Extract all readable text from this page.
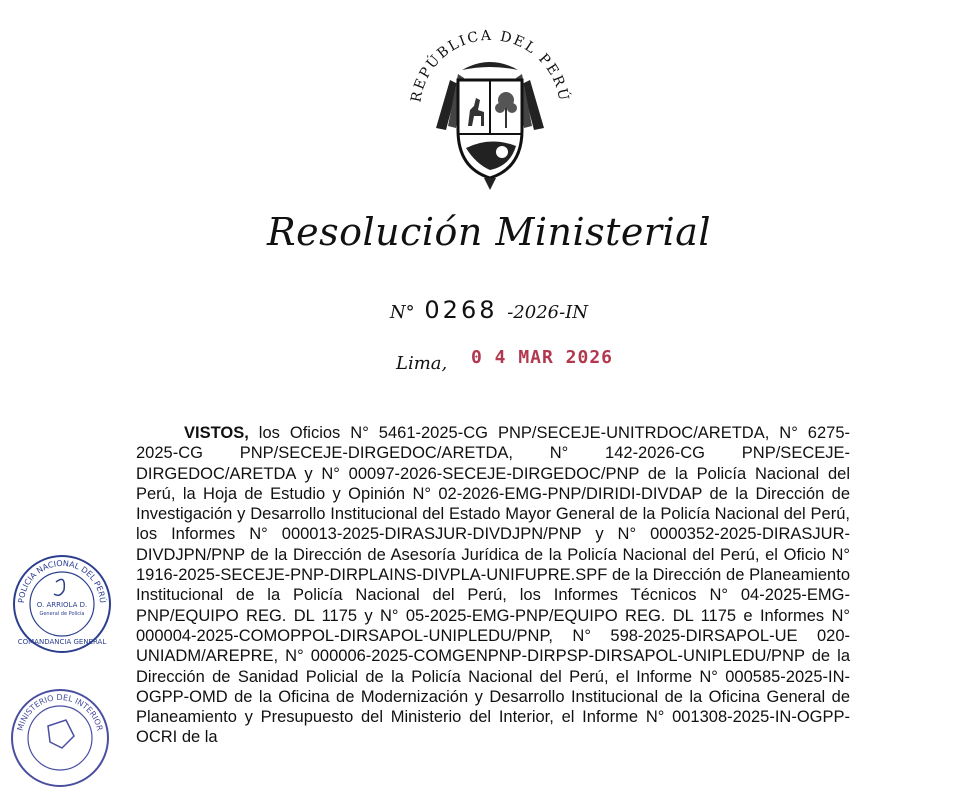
REPÚBLICA DEL PERÚ
Resolución Ministerial
N° 0268 -2026-IN
Lima, 0 4 MAR 2026

VISTOS, los Oficios N° 5461-2025-CG PNP/SECEJE-UNITRDOC/ARETDA, N° 6275-2025-CG PNP/SECEJE-DIRGEDOC/ARETDA, N° 142-2026-CG PNP/SECEJE-DIRGEDOC/ARETDA y N° 00097-2026-SECEJE-DIRGEDOC/PNP de la Policía Nacional del Perú, la Hoja de Estudio y Opinión N° 02-2026-EMG-PNP/DIRIDI-DIVDAP de la Dirección de Investigación y Desarrollo Institucional del Estado Mayor General de la Policía Nacional del Perú, los Informes N° 000013-2025-DIRASJUR-DIVDJPN/PNP y N° 0000352-2025-DIRASJUR-DIVDJPN/PNP de la Dirección de Asesoría Jurídica de la Policía Nacional del Perú, el Oficio N° 1916-2025-SECEJE-PNP-DIRPLAINS-DIVPLA-UNIFUPRE.SPF de la Dirección de Planeamiento Institucional de la Policía Nacional del Perú, los Informes Técnicos N° 04-2025-EMG-PNP/EQUIPO REG. DL 1175 y N° 05-2025-EMG-PNP/EQUIPO REG. DL 1175 e Informes N° 000004-2025-COMOPPOL-DIRSAPOL-UNIPLEDU/PNP, N° 598-2025-DIRSAPOL-UE 020-UNIADM/AREPRE, N° 000006-2025-COMGENPNP-DIRPSP-DIRSAPOL-UNIPLEDU/PNP de la Dirección de Sanidad Policial de la Policía Nacional del Perú, el Informe N° 000585-2025-IN-OGPP-OMD de la Oficina de Modernización y Desarrollo Institucional de la Oficina General de Planeamiento y Presupuesto del Ministerio del Interior, el Informe N° 001308-2025-IN-OGPP-OCRI de la

POLICIA NACIONAL DEL PERÚ
O. ARRIOLA D.
General de Policía
COMANDANCIA GENERAL
MINISTERIO DEL INTERIOR
